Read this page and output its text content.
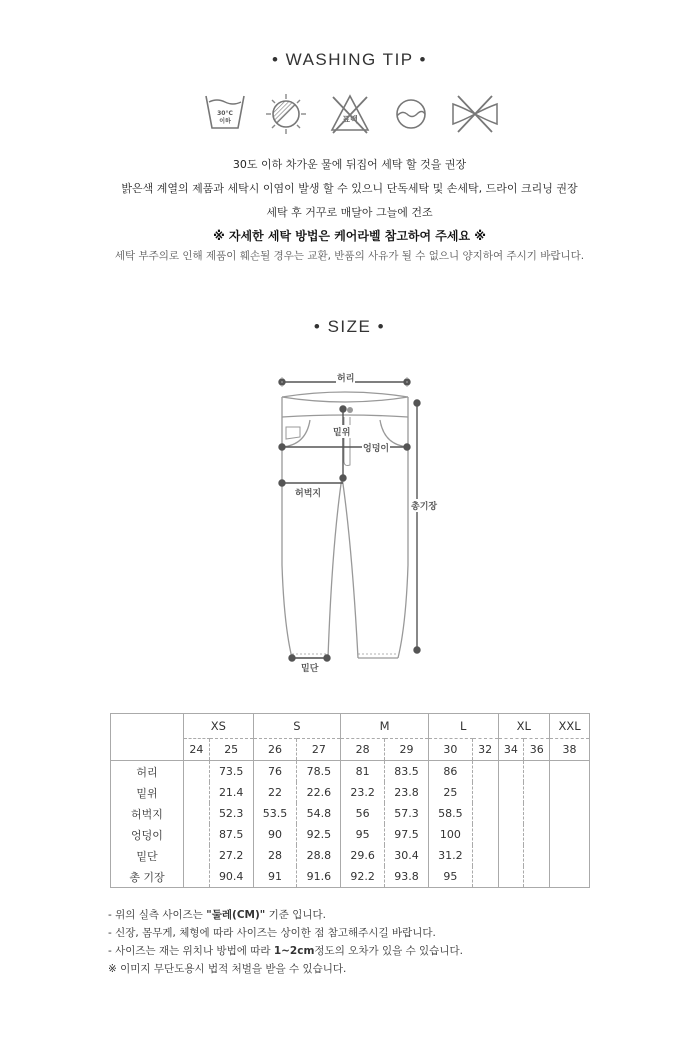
• WASHING TIP •
30°C
이하	표백
30도 이하 차가운 물에 뒤집어 세탁 할 것을 권장
밝은색 계열의 제품과 세탁시 이염이 발생 할 수 있으니 단독세탁 및 손세탁, 드라이 크리닝 권장
세탁 후 거꾸로 매달아 그늘에 건조
※ 자세한 세탁 방법은 케어라벨 참고하여 주세요 ※
세탁 부주의로 인해 제품이 훼손될 경우는 교환, 반품의 사유가 될 수 없으니 양지하여 주시기 바랍니다.
• SIZE •
허리
밑위
엉덩이
허벅지
총기장
밑단
	XS		S		M		L		XL		XXL
	24	25	26	27	28	29	30	32	34	36	38
허리		73.5	76	78.5	81	83.5	86				
밑위		21.4	22	22.6	23.2	23.8	25				
허벅지		52.3	53.5	54.8	56	57.3	58.5				
엉덩이		87.5	90	92.5	95	97.5	100				
밑단		27.2	28	28.8	29.6	30.4	31.2				
총 기장		90.4	91	91.6	92.2	93.8	95				
- 위의 실측 사이즈는 "둘레(CM)" 기준 입니다.
- 신장, 몸무게, 체형에 따라 사이즈는 상이한 점 참고해주시길 바랍니다.
- 사이즈는 재는 위치나 방법에 따라 1~2cm정도의 오차가 있을 수 있습니다.
※ 이미지 무단도용시 법적 처벌을 받을 수 있습니다.
